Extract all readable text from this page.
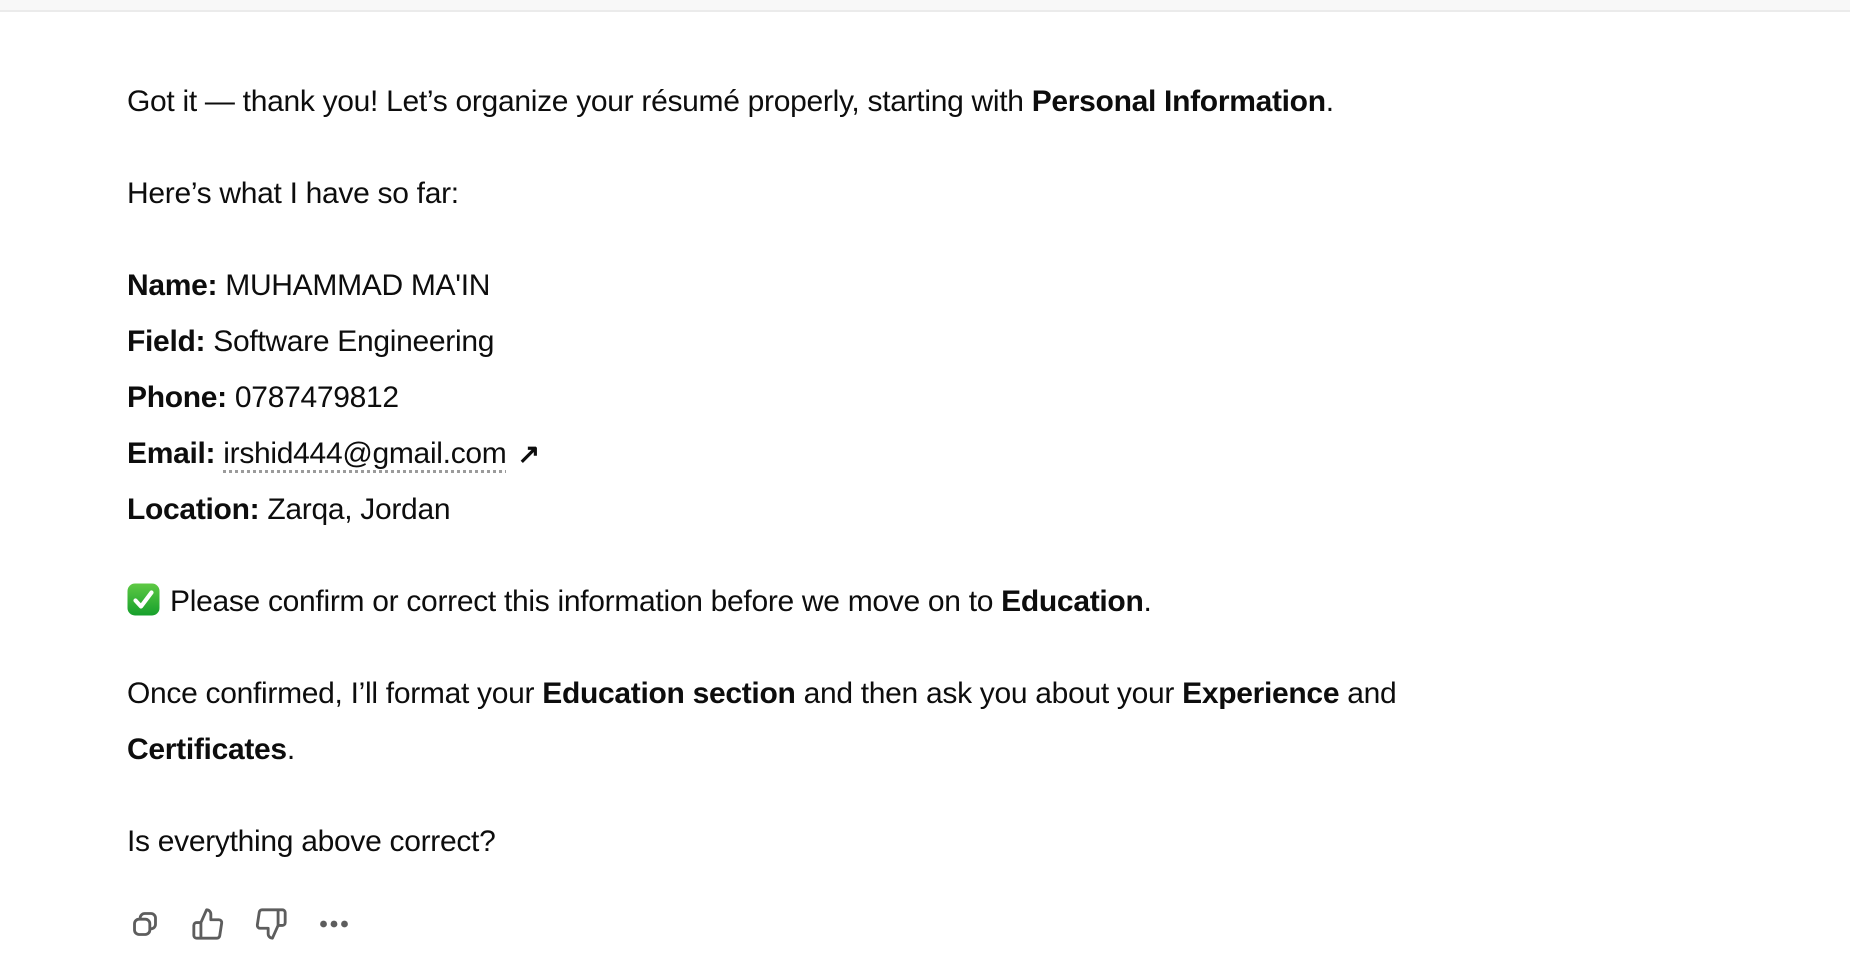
Got it — thank you! Let’s organize your résumé properly, starting with Personal Information.

Here’s what I have so far:

Name: MUHAMMAD MA'IN

Field: Software Engineering

Phone: 0787479812

Email: irshid444@gmail.com ↗

Location: Zarqa, Jordan

Please confirm or correct this information before we move on to Education.

Once confirmed, I’ll format your Education section and then ask you about your Experience and
Certificates.

Is everything above correct?
